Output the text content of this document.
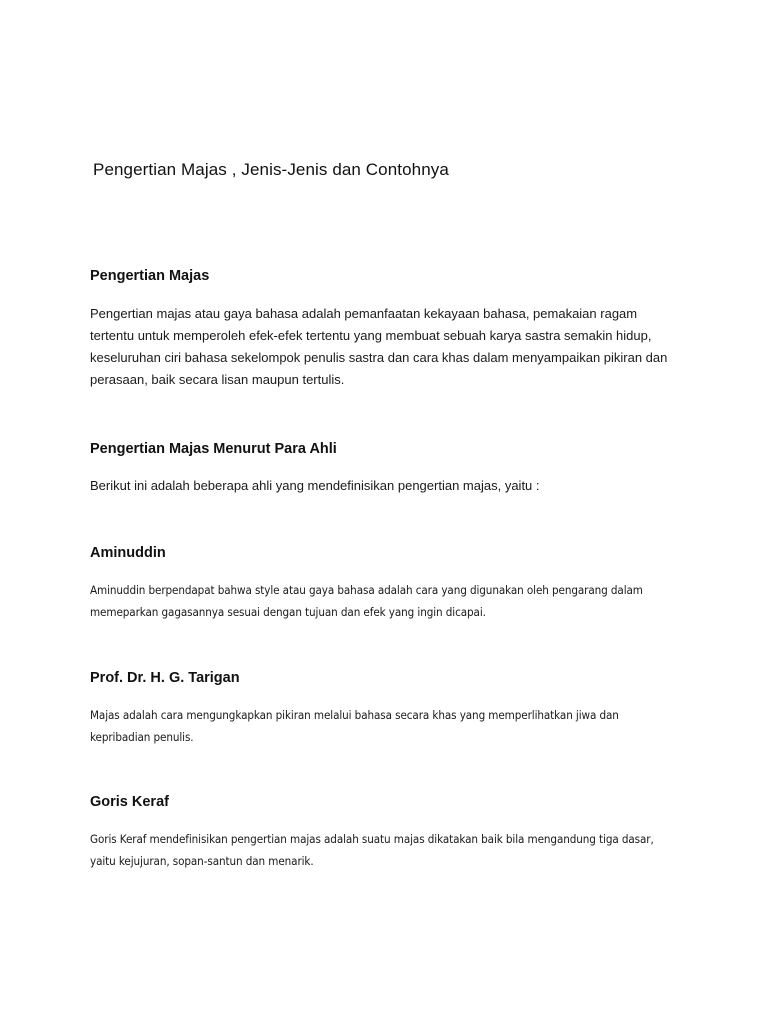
Pengertian Majas , Jenis-Jenis dan Contohnya
Pengertian Majas
Pengertian majas atau gaya bahasa adalah pemanfaatan kekayaan bahasa, pemakaian ragam tertentu untuk memperoleh efek-efek tertentu yang membuat sebuah karya sastra semakin hidup, keseluruhan ciri bahasa sekelompok penulis sastra dan cara khas dalam menyampaikan pikiran dan perasaan, baik secara lisan maupun tertulis.
Pengertian Majas Menurut Para Ahli
Berikut ini adalah beberapa ahli yang mendefinisikan pengertian majas, yaitu :
Aminuddin
Aminuddin berpendapat bahwa style atau gaya bahasa adalah cara yang digunakan oleh pengarang dalam memeparkan gagasannya sesuai dengan tujuan dan efek yang ingin dicapai.
Prof. Dr. H. G. Tarigan
Majas adalah cara mengungkapkan pikiran melalui bahasa secara khas yang memperlihatkan jiwa dan kepribadian penulis.
Goris Keraf
Goris Keraf mendefinisikan pengertian majas adalah suatu majas dikatakan baik bila mengandung tiga dasar, yaitu kejujuran, sopan-santun dan menarik.
